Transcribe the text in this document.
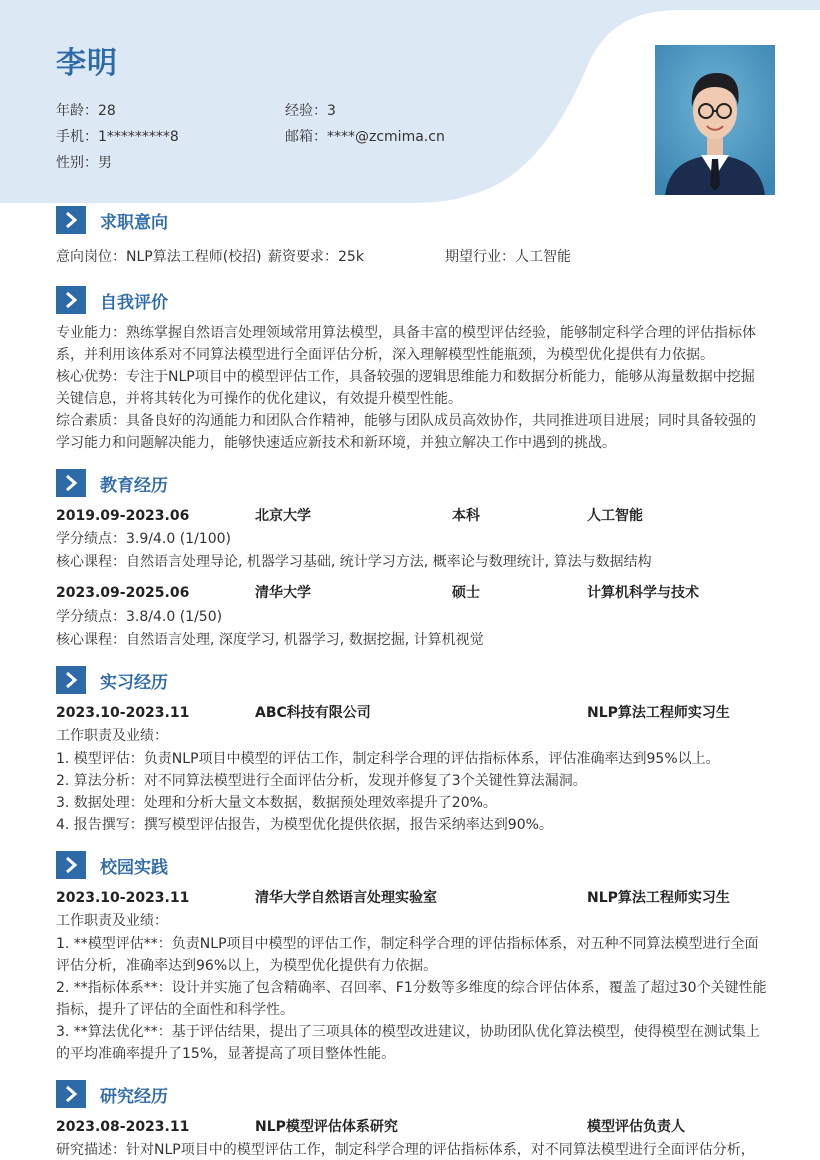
李明
年龄：28	经验：3
手机：1*********8	邮箱：****@zcmima.cn
性别：男
求职意向
意向岗位：NLP算法工程师(校招) 薪资要求：25k	期望行业：人工智能
自我评价
专业能力：熟练掌握自然语言处理领域常用算法模型，具备丰富的模型评估经验，能够制定科学合理的评估指标体系，并利用该体系对不同算法模型进行全面评估分析，深入理解模型性能瓶颈，为模型优化提供有力依据。
核心优势：专注于NLP项目中的模型评估工作，具备较强的逻辑思维能力和数据分析能力，能够从海量数据中挖掘关键信息，并将其转化为可操作的优化建议，有效提升模型性能。
综合素质：具备良好的沟通能力和团队合作精神，能够与团队成员高效协作，共同推进项目进展；同时具备较强的学习能力和问题解决能力，能够快速适应新技术和新环境，并独立解决工作中遇到的挑战。
教育经历
2019.09-2023.06	北京大学	本科	人工智能
学分绩点：3.9/4.0 (1/100)
核心课程：自然语言处理导论, 机器学习基础, 统计学习方法, 概率论与数理统计, 算法与数据结构
2023.09-2025.06	清华大学	硕士	计算机科学与技术
学分绩点：3.8/4.0 (1/50)
核心课程：自然语言处理, 深度学习, 机器学习, 数据挖掘, 计算机视觉
实习经历
2023.10-2023.11	ABC科技有限公司	NLP算法工程师实习生
工作职责及业绩：
1. 模型评估：负责NLP项目中模型的评估工作，制定科学合理的评估指标体系，评估准确率达到95%以上。
2. 算法分析：对不同算法模型进行全面评估分析，发现并修复了3个关键性算法漏洞。
3. 数据处理：处理和分析大量文本数据，数据预处理效率提升了20%。
4. 报告撰写：撰写模型评估报告，为模型优化提供依据，报告采纳率达到90%。
校园实践
2023.10-2023.11	清华大学自然语言处理实验室	NLP算法工程师实习生
工作职责及业绩：
1. **模型评估**：负责NLP项目中模型的评估工作，制定科学合理的评估指标体系，对五种不同算法模型进行全面评估分析，准确率达到96%以上，为模型优化提供有力依据。
2. **指标体系**：设计并实施了包含精确率、召回率、F1分数等多维度的综合评估体系，覆盖了超过30个关键性能指标，提升了评估的全面性和科学性。
3. **算法优化**：基于评估结果，提出了三项具体的模型改进建议，协助团队优化算法模型，使得模型在测试集上的平均准确率提升了15%，显著提高了项目整体性能。
研究经历
2023.08-2023.11	NLP模型评估体系研究	模型评估负责人
研究描述：针对NLP项目中的模型评估工作，制定科学合理的评估指标体系，对不同算法模型进行全面评估分析，
